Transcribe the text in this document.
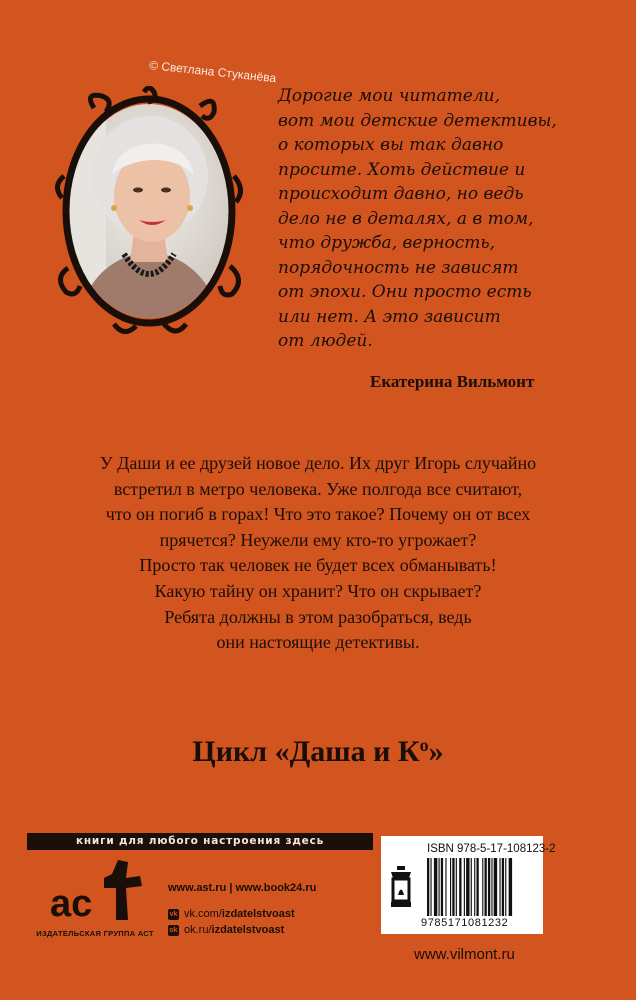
© Светлана Стуканёва
Дорогие мои читатели,
вот мои детские детективы,
о которых вы так давно
просите. Хоть действие и
происходит давно, но ведь
дело не в деталях, а в том,
что дружба, верность,
порядочность не зависят
от эпохи. Они просто есть
или нет. А это зависит
от людей.
Екатерина Вильмонт
У Даши и ее друзей новое дело. Их друг Игорь случайно
встретил в метро человека. Уже полгода все считают,
что он погиб в горах! Что это такое? Почему он от всех
прячется? Неужели ему кто-то угрожает?
Просто так человек не будет всех обманывать!
Какую тайну он хранит? Что он скрывает?
Ребята должны в этом разобраться, ведь
они настоящие детективы.
Цикл «Даша и $К^о$»
книги для любого настроения здесь
ac
ИЗДАТЕЛЬСКАЯ ГРУППА АСТ
www.ast.ru | www.book24.ru
vk vk.com/ izdatelstvoast
ok ok.ru/ izdatelstvoast
ISBN 978-5-17-108123-2
9785171081232
www.vilmont.ru
